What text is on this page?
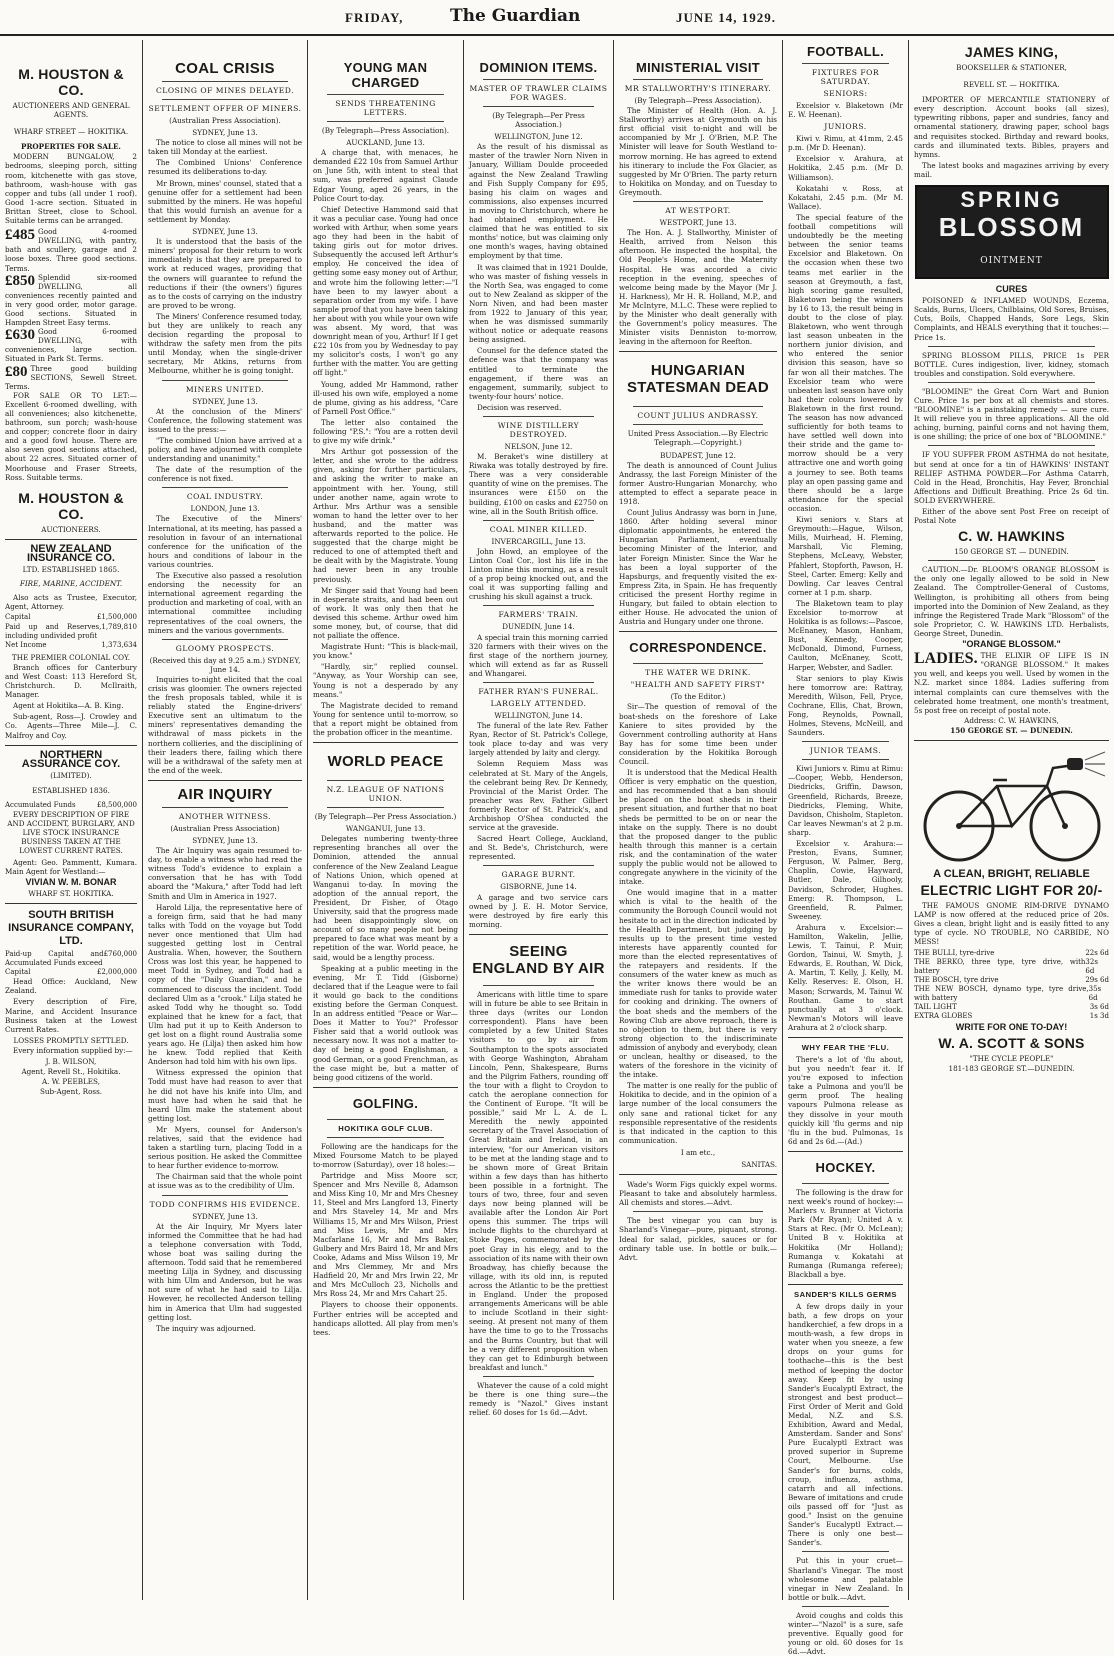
FRIDAY,	The Guardian	JUNE 14, 1929.
M. HOUSTON & CO.
AUCTIONEERS AND GENERAL AGENTS.
WHARF STREET — HOKITIKA.
PROPERTIES FOR SALE.

MODERN BUNGALOW, 2 bedrooms, sleeping porch, sitting room, kitchenette with gas stove, bathroom, wash-house with gas copper and tubs (all under 1 roof). Good 1-acre section. Situated in Brittan Street, close to School. Suitable terms can be arranged.

£485 Good 4-roomed DWELLING, with pantry, bath and scullery, garage and 2 loose boxes. Three good sections. Terms.
£850 Splendid six-roomed DWELLING, all conveniences recently painted and in very good order, motor garage. Good sections. Situated in Hampden Street Easy terms.
£630 Good 6-roomed DWELLING, with conveniences, large section. Situated in Park St. Terms.
£80 Three good building SECTIONS, Sewell Street. Terms.

FOR SALE OR TO LET:—Excellent 6-roomed dwelling, with all conveniences; also kitchenette, bathroom, sun porch; wash-house and copper; concrete floor in dairy and a good fowl house. There are also seven good sections attached, about 22 acres. Situated corner of Moorhouse and Fraser Streets, Ross. Suitable terms.

M. HOUSTON & CO.
AUCTIONEERS.
NEW ZEALAND INSURANCE CO.
LTD. ESTABLISHED 1865.
FIRE, MARINE, ACCIDENT.

Also acts as Trustee, Executor, Agent, Attorney.

Capital	£1,500,000
Paid up and Reserves, including undivided profit
1,789,810
Net Income	1,373,634
THE PREMIER COLONIAL COY.

Branch offices for Canterbury and West Coast: 113 Hereford St, Christchurch. D. McIlraith, Manager.

Agent at Hokitika—A. B. King.

Sub-agent, Ross—J. Crowley and Co. Agents—Three Mile—J. C. Malfroy and Coy.

NORTHERN ASSURANCE COY.
(LIMITED).
ESTABLISHED 1836.
Accumulated Funds	£8,500,000

EVERY DESCRIPTION OF FIRE AND ACCIDENT, BURGLARY, AND LIVE STOCK INSURANCE BUSINESS TAKEN AT THE LOWEST CURRENT RATES.

Agent: Geo. Pammentt, Kumara. Main Agent for Westland:—

VIVIAN W. M. BONAR
WHARF ST. HOKITIKA.
SOUTH BRITISH INSURANCE COMPANY, LTD.
Paid-up Capital and Accumulated Funds exceed
£760,000
Capital	£2,000,000

Head Office: Auckland, New Zealand.

Every description of Fire, Marine, and Accident Insurance Business taken at the Lowest Current Rates.

LOSSES PROMPTLY SETTLED.

Every information supplied by:—

J. B. WILSON,
Agent, Revell St., Hokitika.
A. W. PEEBLES,
Sub-Agent, Ross.
COAL CRISIS
CLOSING OF MINES DELAYED.
SETTLEMENT OFFER OF MINERS.
(Australian Press Association).
SYDNEY, June 13.

The notice to close all mines will not be taken till Monday at the earliest.

The Combined Unions' Conference resumed its deliberations to-day.

Mr Brown, mines' counsel, stated that a genuine offer for a settlement had been submitted by the miners. He was hopeful that this would furnish an avenue for a settlement by Monday.

SYDNEY, June 13.

It is understood that the basis of the miners' proposal for their return to work immediately is that they are prepared to work at reduced wages, providing that the owners will guarantee to refund the reductions if their (the owners') figures as to the costs of carrying on the industry are proved to be wrong.

The Miners' Conference resumed today, but they are unlikely to reach any decision regarding the proposal to withdraw the safety men from the pits until Monday, when the single-driver secretary, Mr Atkins, returns from Melbourne, whither he is going tonight.

MINERS UNITED.
SYDNEY, June 13.

At the conclusion of the Miners' Conference, the following statement was issued to the press:—

"The combined Union have arrived at a policy, and have adjourned with complete understanding and unanimity."

The date of the resumption of the conference is not fixed.

COAL INDUSTRY.
LONDON, June 13.

The Executive of the Miners' International, at its meeting, has passed a resolution in favour of an international conference for the unification of the hours and conditions of labour in the various countries.

The Executive also passed a resolution endorsing the necessity for an international agreement regarding the production and marketing of coal, with an international committee including representatives of the coal owners, the miners and the various governments.

GLOOMY PROSPECTS.
(Received this day at 9.25 a.m.) SYDNEY, June 14.

Inquiries to-night elicited that the coal crisis was gloomier. The owners rejected the fresh proposals tabled, while it is reliably stated the Engine-drivers' Executive sent an ultimatum to the miners' representatives demanding the withdrawal of mass pickets in the northern collieries, and the disciplining of their leaders there, failing which there will be a withdrawal of the safety men at the end of the week.

AIR INQUIRY
ANOTHER WITNESS.
(Australian Press Association)
SYDNEY, June 13.

The Air Inquiry was again resumed to-day, to enable a witness who had read the witness Todd's evidence to explain a conversation that he has with Todd aboard the "Makura," after Todd had left Smith and Ulm in America in 1927.

Harold Lilja, the representative here of a foreign firm, said that he had many talks with Todd on the voyage but Todd never once mentioned that Ulm had suggested getting lost in Central Australia. When, however, the Southern Cross was lost this year, he happened to meet Todd in Sydney, and Todd had a copy of the "Daily Guardian," and he commenced to discuss the incident. Todd declared Ulm as a "crook." Lilja stated he asked Todd why he thought so. Todd explained that he knew for a fact, that Ulm had put it up to Keith Anderson to get lost on a flight round Australia some years ago. He (Lilja) then asked him how he knew. Todd replied that Keith Anderson had told him with his own lips.

Witness expressed the opinion that Todd must have had reason to aver that he did not have his knife into Ulm, and must have had when he said that he heard Ulm make the statement about getting lost.

Mr Myers, counsel for Anderson's relatives, said that the evidence had taken a startling turn, placing Todd in a serious position. He asked the Committee to hear further evidence to-morrow.

The Chairman said that the whole point at issue was as to the credibility of Ulm.

TODD CONFIRMS HIS EVIDENCE.
SYDNEY, June 13.

At the Air Inquiry, Mr Myers later informed the Committee that he had had a telephone conversation with Todd, whose boat was sailing during the afternoon. Todd said that he remembered meeting Lilja in Sydney, and discussing with him Ulm and Anderson, but he was not sure of what he had said to Lilja. However, he recollected Anderson telling him in America that Ulm had suggested getting lost.

The inquiry was adjourned.

YOUNG MAN CHARGED
SENDS THREATENING LETTERS.
(By Telegraph—Press Association).
AUCKLAND, June 13.

A charge that, with menaces, he demanded £22 10s from Samuel Arthur on June 5th, with intent to steal that sum, was preferred against Claude Edgar Young, aged 26 years, in the Police Court to-day.

Chief Detective Hammond said that it was a peculiar case. Young had once worked with Arthur, when some years ago they had been in the habit of taking girls out for motor drives. Subsequently the accused left Arthur's employ. He conceived the idea of getting some easy money out of Arthur, and wrote him the following letter:—"I have been to my lawyer about a separation order from my wife. I have sample proof that you have been taking her about with you while your own wife was absent. My word, that was downright mean of you, Arthur! If I get £22 10s from you by Wednesday to pay my solicitor's costs, I won't go any further with the matter. You are getting off light."

Young, added Mr Hammond, rather ill-used his own wife, employed a nome de plume, giving as his address, "Care of Parnell Post Office."

The letter also contained the following "P.S.": "You are a rotten devil to give my wife drink."

Mrs Arthur got possession of the letter, and she wrote to the address given, asking for further particulars, and asking the writer to make an appointment with her. Young, still under another name, again wrote to Arthur. Mrs Arthur was a sensible woman to hand the letter over to her husband, and the matter was afterwards reported to the police. He suggested that the charge might be reduced to one of attempted theft and be dealt with by the Magistrate. Young had never been in any trouble previously.

Mr Singer said that Young had been in desperate straits, and had been out of work. It was only then that he devised this scheme. Arthur owed him some money, but, of course, that did not palliate the offence.

Magistrate Hunt: "This is black-mail, you know."

"Hardly, sir," replied counsel. "Anyway, as Your Worship can see, Young is not a desperado by any means."

The Magistrate decided to remand Young for sentence until to-morrow, so that a report might be obtained from the probation officer in the meantime.

WORLD PEACE
N.Z. LEAGUE OF NATIONS UNION.
(By Telegraph—Per Press Association.)
WANGANUI, June 13.

Delegates numbering twenty-three representing branches all over the Dominion, attended the annual conference of the New Zealand League of Nations Union, which opened at Wanganui to-day. In moving the adoption of the annual report, the President, Dr Fisher, of Otago University, said that the progress made had been disappointingly slow, on account of so many people not being prepared to face what was meant by a repetition of the war. World peace, he said, would be a lengthy process.

Speaking at a public meeting in the evening, Mr T. Tidd (Gisborne) declared that if the League were to fail it would go back to the conditions existing before the German Conquest. In an address entitled "Peace or War—Does it Matter to You?" Professor Fisher said that a world outlook was necessary now. It was not a matter to-day of being a good Englishman, a good German, or a good Frenchman, as the case might be, but a matter of being good citizens of the world.

GOLFING.
HOKITIKA GOLF CLUB.

Following are the handicaps for the Mixed Foursome Match to be played to-morrow (Saturday), over 18 holes:—

Partridge and Miss Moore scr, Spencer and Mrs Neville 8, Adamson and Miss King 10, Mr and Mrs Chesney 11, Steel and Mrs Langford 13, Finerty and Mrs Staveley 14, Mr and Mrs Williams 15, Mr and Mrs Wilson, Priest and Miss Lewis, Mr and Mrs Macfarlane 16, Mr and Mrs Baker, Gulbery and Mrs Baird 18, Mr and Mrs Cooke, Adams and Miss Wilson 19, Mr and Mrs Clemmey, Mr and Mrs Hadfield 20, Mr and Mrs Irwin 22, Mr and Mrs McCulloch 23, Nicholls and Mrs Ross 24, Mr and Mrs Cahart 25.

Players to choose their opponents. Further entries will be accepted and handicaps allotted. All play from men's tees.

DOMINION ITEMS.
MASTER OF TRAWLER CLAIMS FOR WAGES.
(By Telegraph—Per Press Association.)
WELLINGTON, June 12.

As the result of his dismissal as master of the trawler Norn Niven in January, William Doulde proceeded against the New Zealand Trawling and Fish Supply Company for £95, basing his claim on wages and commissions, also expenses incurred in moving to Christchurch, where he had obtained employment. He claimed that he was entitled to six months' notice, but was claiming only one month's wages, having obtained employment by that time.

It was claimed that in 1921 Doulde, who was master of fishing vessels in the North Sea, was engaged to come out to New Zealand as skipper of the Norn Niven, and had been master from 1922 to January of this year, when he was dismissed summarily without notice or adequate reasons being assigned.

Counsel for the defence stated the defence was that the company was entitled to terminate the engagement, if there was an engagement, summarily, subject to twenty-four hours' notice.

Decision was reserved.

WINE DISTILLERY DESTROYED.
NELSON, June 12.

M. Beraket's wine distillery at Riwaka was totally destroyed by fire. There was a very considerable quantity of wine on the premises. The insurances were £150 on the building, £100 on casks and £2750 on wine, all in the South British office.

COAL MINER KILLED.
INVERCARGILL, June 13.

John Howd, an employee of the Linton Coal Cor., lost his life in the Linton mine this morning, as a result of a prop being knocked out, and the coal it was supporting falling and crushing his skull against a truck.

FARMERS' TRAIN.
DUNEDIN, June 14.

A special train this morning carried 320 farmers with their wives on the first stage of the northern journey, which will extend as far as Russell and Whangarei.

FATHER RYAN'S FUNERAL.
LARGELY ATTENDED.
WELLINGTON, June 14.

The funeral of the late Rev. Father Ryan, Rector of St. Patrick's College, took place to-day and was very largely attended by laity and clergy.

Solemn Requiem Mass was celebrated at St. Mary of the Angels, the celebrant being Rev. Dr Kennedy, Provincial of the Marist Order. The preacher was Rev. Father Gilbert formerly Rector of St. Patrick's, and Archbishop O'Shea conducted the service at the graveside.

Sacred Heart College, Auckland, and St. Bede's, Christchurch, were represented.

GARAGE BURNT.
GISBORNE, June 14.

A garage and two service cars owned by J. E. H. Motor Service, were destroyed by fire early this morning.

SEEING ENGLAND BY AIR

Americans with little time to spare will in future be able to see Britain in three days (writes our London correspondent). Plans have been completed by a few United States visitors to go by air from Southampton to the spots associated with George Washington, Abraham Lincoln, Penn, Shakespeare, Burns and the Pilgrim Fathers, rounding off the tour with a flight to Croydon to catch the aeroplane connection for the Continent of Europe. "It will be possible," said Mr L. A. de L. Meredith the newly appointed secretary of the Travel Association of Great Britain and Ireland, in an interview, "for our American visitors to be met at the landing stage and to be shown more of Great Britain within a few days than has hitherto been possible in a fortnight. The tours of two, three, four and seven days now being planned will be available after the London Air Port opens this summer. The trips will include flights to the churchyard at Stoke Poges, commemorated by the poet Gray in his elegy, and to the association of its name with their own Broadway, has chiefly because the village, with its old inn, is reputed across the Atlantic to be the prettiest in England. Under the proposed arrangements Americans will be able to include Scotland in their sight-seeing. At present not many of them have the time to go to the Trossachs and the Burns Country, but that will be a very different proposition when they can get to Edinburgh between breakfast and lunch."

Whatever the cause of a cold might be there is one thing sure—the remedy is "Nazol." Gives instant relief. 60 doses for 1s 6d.—Advt.

MINISTERIAL VISIT
MR STALLWORTHY'S ITINERARY.
(By Telegraph—Press Association).

The Minister of Health (Hon. A. J. Stallworthy) arrives at Greymouth on his first official visit to-night and will be accompanied by Mr J. O'Brien, M.P. The Minister will leave for South Westland to-morrow morning. He has agreed to extend his itinerary to include the Fox Glacier, as suggested by Mr O'Brien. The party return to Hokitika on Monday, and on Tuesday to Greymouth.

AT WESTPORT.
WESTPORT, June 13.

The Hon. A. J. Stallworthy, Minister of Health, arrived from Nelson this afternoon. He inspected the hospital, the Old People's Home, and the Maternity Hospital. He was accorded a civic reception in the evening, speeches of welcome being made by the Mayor (Mr J. H. Harkness), Mr H. R. Holland, M.P., and Mr McIntyre, M.L.C. These were replied to by the Minister who dealt generally with the Government's policy measures. The Minister visits Denniston to-morrow, leaving in the afternoon for Reefton.

HUNGARIAN STATESMAN DEAD
COUNT JULIUS ANDRASSY.
United Press Association.—By Electric Telegraph.—Copyright.)
BUDAPEST, June 12.

The death is announced of Count Julius Andrassy, the last Foreign Minister of the former Austro-Hungarian Monarchy, who attempted to effect a separate peace in 1918.

Count Julius Andrassy was born in June, 1860. After holding several minor diplomatic appointments, he entered the Hungarian Parliament, eventually becoming Minister of the Interior, and later Foreign Minister. Since the War he has been a loyal supporter of the Hapsburgs, and frequently visited the ex-Empress Zita, in Spain. He has frequently criticised the present Horthy regime in Hungary, but failed to obtain election to either House. He advocated the union of Austria and Hungary under one throne.

CORRESPONDENCE.
THE WATER WE DRINK.
"HEALTH AND SAFETY FIRST"
(To the Editor.)

Sir—The question of removal of the boat-sheds on the foreshore of Lake Kaniere to sites provided by the Government controlling authority at Hans Bay has for some time been under consideration by the Hokitika Borough Council.

It is understood that the Medical Health Officer is very emphatic on the question, and has recommended that a ban should be placed on the boat sheds in their present situation, and further that no boat sheds be permitted to be on or near the intake on the supply. There is no doubt that the proposed danger to the public health through this manner is a certain risk, and the contamination of the water supply the public would not be allowed to congregate anywhere in the vicinity of the intake.

One would imagine that in a matter which is vital to the health of the community the Borough Council would not hesitate to act in the direction indicated by the Health Department, but judging by results up to the present time vested interests have apparently counted for more than the elected representatives of the ratepayers and residents. If the consumers of the water knew as much as the writer knows there would be an immediate rush for tanks to provide water for cooking and drinking. The owners of the boat sheds and the members of the Rowing Club are above reproach, there is no objection to them, but there is very strong objection to the indiscriminate admission of anybody and everybody, clean or unclean, healthy or diseased, to the waters of the foreshore in the vicinity of the intake.

The matter is one really for the public of Hokitika to decide, and in the opinion of a large number of the local consumers the only sane and rational ticket for any responsible representative of the residents is that indicated in the caption to this communication.

I am etc.,
SANITAS.

Wade's Worm Figs quickly expel worms. Pleasant to take and absolutely harmless. All chemists and stores.—Advt.

The best vinegar you can buy is Sharland's Vinegar—pure, piquant, strong. Ideal for salad, pickles, sauces or for ordinary table use. In bottle or bulk.—Advt.

FOOTBALL.
FIXTURES FOR SATURDAY.
SENIORS:

Excelsior v. Blaketown (Mr E. W. Heenan).

JUNIORS.

Kiwi v. Rimu, at 41mm, 2.45 p.m. (Mr D. Heenan).

Excelsior v. Arahura, at Hokitika, 2.45 p.m. (Mr D. Williamson).

Kokatahi v. Ross, at Kokatahi, 2.45 p.m. (Mr M. Wallace).

The special feature of the football competitions will undoubtedly be the meeting between the senior teams Excelsior and Blaketown. On the occasion when these two teams met earlier in the season at Greymouth, a fast, high scoring game resulted, Blaketown being the winners by 16 to 13, the result being in doubt to the close of play. Blaketown, who went through last season unbeaten in the northern junior division, and who entered the senior division this season, have so far won all their matches. The Excelsior team who were unbeaten last season have only had their colours lowered by Blaketown in the first round. The season has now advanced sufficiently for both teams to have settled well down into their stride and the game to-morrow should be a very attractive one and worth going a journey to see. Both teams play an open passing game and there should be a large attendance for the special occasion.

Kiwi seniors v. Stars at Greymouth:—Hague, Wilson, Mills, Muirhead, H. Fleming, Marshall, Vic Fleming, Stephens, McLeavy, Webster, Pfahlert, Stopforth, Pawson, H. Steel, Carter. Emerg: Kelly and Dowling. Car leaves Central corner at 1 p.m. sharp.

The Blaketown team to play Excelsior to-morrow at Hokitika is as follows:—Pascoe, McEnaney, Mason, Hanham, Bust, Kennedy, Cooper, McDonald, Dimond, Furness, Caulton, McEnaney, Scott, Harper, Webster, and Sadler.

Star seniors to play Kiwis here tomorrow are: Rattray, Meredith, Wilson, Fell, Pryce, Cochrane, Ellis, Chat, Brown, Fong, Reynolds, Pownall, Holmes, Stevens, McNeill, and Saunders.

JUNIOR TEAMS.

Kiwi Juniors v. Rimu at Rimu:—Cooper, Webb, Henderson, Diedricks, Griffin, Dawson, Greenfield, Richards, Breeze, Diedricks, Fleming, White, Davidson, Chisholm, Stapleton. Car leaves Newman's at 2 p.m. sharp.

Excelsior v. Arahura:—Preston, Evans, Sumner, Ferguson, W. Palmer, Berg, Chaplin, Cowie, Hayward, Butler, Dale, Gilhooly, Davidson, Schroder, Hughes. Emerg: R. Thompson, L. Greenfield, R. Palmer, Sweeney.

Arahura v. Excelsior:—Hamilton, Wakelin, Jellie, Lewis, T. Tainui, P. Muir, Gordon, Tainui, W. Smyth, J. Edwards, E. Routhan, W. Dick, A. Martin, T. Kelly, J. Kelly, M. Kelly. Reserves: E. Olson, H. Mason; Scrwards, M. Tainui W. Routhan. Game to start punctually at 3 o'clock. Newman's Motors will leave Arahura at 2 o'clock sharp.

WHY FEAR THE 'FLU.

There's a lot of 'flu about, but you needn't fear it. If you're exposed to infection take a Pulmona and you'll be germ proof. The healing vapours Pulmona release as they dissolve in your mouth quickly kill 'flu germs and nip 'flu in the bud. Pulmonas, 1s 6d and 2s 6d.—(Ad.)

HOCKEY.

The following is the draw for next week's round of hockey:—Marlers v. Brunner at Victoria Park (Mr Ryan); United A v. Stars at Rec. (Mr O. McLean); United B v. Hokitika at Hokitika (Mr Holland); Rumanga v. Kokatahi at Rumanga (Rumanga referee); Blackball a bye.

SANDER'S KILLS GERMS

A few drops daily in your bath, a few drops on your handkerchief, a few drops in a mouth-wash, a few drops in water when you sneeze, a few drops on your gums for toothache—this is the best method of keeping the doctor away. Keep fit by using Sander's Eucalyptl Extract, the strongest and best product—First Order of Merit and Gold Medal, N.Z. and S.S. Exhibition, Award and Medal, Amsterdam. Sander and Sons' Pure Eucalyptl Extract was proved superior in Supreme Court, Melbourne. Use Sander's for burns, colds, croup, influenza, asthma, catarrh and all infections. Beware of imitations and crude oils passed off for "Just as good." Insist on the genuine Sander's Eucalyptl Extract.—There is only one best—Sander's.

Put this in your cruet—Sharland's Vinegar. The most wholesome and palatable vinegar in New Zealand. In bottle or bulk.—Advt.

Avoid coughs and colds this winter—"Nazol" is a sure, safe preventive. Equally good for young or old. 60 doses for 1s 6d.—Advt.

JAMES KING,
BOOKSELLER & STATIONER,
REVELL ST. — HOKITIKA.

IMPORTER OF MERCANTILE STATIONERY of every description. Account books (all sizes), typewriting ribbons, paper and sundries, fancy and ornamental stationery, drawing paper, school bags and requisites stocked. Birthday and reward books, cards and illuminated texts. Bibles, prayers and hymns.

The latest books and magazines arriving by every mail.

SPRING
BLOSSOM
OINTMENT
CURES

POISONED & INFLAMED WOUNDS, Eczema, Scalds, Burns, Ulcers, Chilblains, Old Sores, Bruises, Cuts, Boils, Chapped Hands, Sore Legs, Skin Complaints, and HEALS everything that it touches:—Price 1s.

SPRING BLOSSOM PILLS, PRICE 1s PER BOTTLE. Cures indigestion, liver, kidney, stomach troubles and constipation. Sold everywhere.

"BLOOMINE" the Great Corn Wart and Bunion Cure. Price 1s per box at all chemists and stores. "BLOOMINE" is a painstaking remedy — sure cure. It will relieve you in three applications. All the old aching, burning, painful corns and not having them, is one shilling; the price of one box of "BLOOMINE."

IF YOU SUFFER FROM ASTHMA do not hesitate, but send at once for a tin of HAWKINS' INSTANT RELIEF ASTHMA POWDER—For Asthma Catarrh, Cold in the Head, Bronchitis, Hay Fever, Bronchial Affections and Difficult Breathing. Price 2s 6d tin. SOLD EVERYWHERE.

Either of the above sent Post Free on receipt of Postal Note

C. W. HAWKINS
150 GEORGE ST. — DUNEDIN.

CAUTION.—Dr. BLOOM'S ORANGE BLOSSOM is the only one legally allowed to be sold in New Zealand. The Comptroller-General of Customs, Wellington, is prohibiting all others from being imported into the Dominion of New Zealand, as they infringe the Registered Trade Mark "Blossom" of the sole Proprietor, C. W. HAWKINS LTD. Herbalists, George Street, Dunedin.

"ORANGE BLOSSOM."
LADIES. THE ELIXIR OF LIFE IS IN "ORANGE BLOSSOM." It makes you well, and keeps you well. Used by women in the N.Z. market since 1884. Ladies suffering from internal complaints can cure themselves with the celebrated home treatment, one month's treatment, 5s post free on receipt of postal note.
Address: C. W. HAWKINS,
150 GEORGE ST. — DUNEDIN.
A CLEAN, BRIGHT, RELIABLE
ELECTRIC LIGHT FOR 20/-

THE FAMOUS GNOME RIM-DRIVE DYNAMO LAMP is now offered at the reduced price of 20s. Gives a clean, bright light and is easily fitted to any type of cycle. NO TROUBLE, NO CARBIDE, NO MESS!

THE BULLI, tyre-drive	22s 6d
THE BERKO, three type, tyre drive, with battery
32s 6d
THE BOSCH, tyre drive	29s 6d
THE NEW BOSCH, dynamo type, tyre drive, with battery
35s 6d
TAIL LIGHT	3s 6d
EXTRA GLOBES	1s 3d
WRITE FOR ONE TO-DAY!
W. A. SCOTT & SONS
"THE CYCLE PEOPLE"
181-183 GEORGE ST.—DUNEDIN.
